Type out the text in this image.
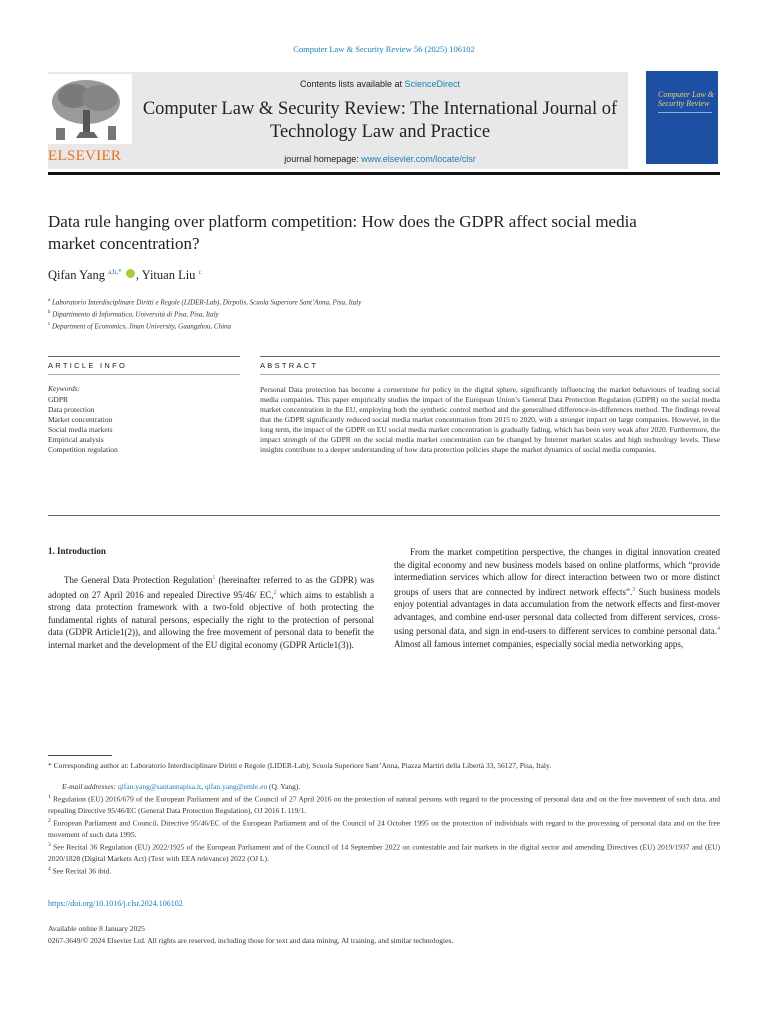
Computer Law & Security Review 56 (2025) 106102
ELSEVIER
Contents lists available at ScienceDirect
Computer Law & Security Review: The International Journal of Technology Law and Practice
journal homepage: www.elsevier.com/locate/clsr
Computer Law & Security Review
Data rule hanging over platform competition: How does the GDPR affect social media market concentration?
Qifan Yang $^{a,b,*}$ , Yituan Liu $^c$
$^a$ Laboratorio Interdisciplinare Diritti e Regole (LIDER-Lab), Dirpolis, Scuola Superiore Sant’Anna, Pisa, Italy
$^b$ Dipartimento di Informatica, Università di Pisa, Pisa, Italy
$^c$ Department of Economics, Jinan University, Guangzhou, China
ARTICLE INFO
Keywords:
GDPR
Data protection
Market concentration
Social media markets
Empirical analysis
Competition regulation
ABSTRACT
Personal Data protection has become a cornerstone for policy in the digital sphere, significantly influencing the market behaviours of leading social media companies. This paper empirically studies the impact of the European Union’s General Data Protection Regulation (GDPR) on the social media market concentration in the EU, employing both the synthetic control method and the generalised difference-in-differences method. The findings reveal that the GDPR significantly reduced social media market concentration from 2015 to 2020, with a stronger impact on large companies. However, in the long term, the impact of the GDPR on EU social media market concentration is gradually fading, which has been very weak after 2020. Furthermore, the impact strength of the GDPR on the social media market concentration can be changed by Internet market scales and high technology levels. These insights contribute to a deeper understanding of how data protection policies shape the market dynamics of social media companies.
1. Introduction
The General Data Protection Regulation$^1$ (hereinafter referred to as the GDPR) was adopted on 27 April 2016 and repealed Directive 95/46/ EC,$^2$ which aims to establish a strong data protection framework with a two-fold objective of both protecting the fundamental rights of natural persons, especially the right to the protection of personal data (GDPR Article1(2)), and allowing the free movement of personal data to benefit the internal market and the development of the EU digital economy (GDPR Article1(3)).
From the market competition perspective, the changes in digital innovation created the digital economy and new business models based on online platforms, which “provide intermediation services which allow for direct interaction between two or more distinct groups of users that are connected by indirect network effects”.$^3$ Such business models enjoy potential advantages in data accumulation from the network effects and first-mover advantages, and combine end-user personal data collected from different services, cross-using personal data, and sign in end-users to different services to combine personal data.$^4$ Almost all famous internet companies, especially social media networking apps,
* Corresponding author at: Laboratorio Interdisciplinare Diritti e Regole (LIDER-Lab), Scuola Superiore Sant’Anna, Piazza Martiri della Libertà 33, 56127, Pisa, Italy.
E-mail addresses: qifan.yang@santannapisa.it, qifan.yang@emle.eu (Q. Yang).
$^1$ Regulation (EU) 2016/679 of the European Parliament and of the Council of 27 April 2016 on the protection of natural persons with regard to the processing of personal data and on the free movement of such data, and repealing Directive 95/46/EC (General Data Protection Regulation), OJ 2016 L 119/1.
$^2$ European Parliament and Council, Directive 95/46/EC of the European Parliament and of the Council of 24 October 1995 on the protection of individuals with regard to the processing of personal data and on the free movement of such data 1995.
$^3$ See Recital 36 Regulation (EU) 2022/1925 of the European Parliament and of the Council of 14 September 2022 on contestable and fair markets in the digital sector and amending Directives (EU) 2019/1937 and (EU) 2020/1828 (Digital Markets Act) (Text with EEA relevance) 2022 (OJ L).
$^4$ See Recital 36 ibid.
https://doi.org/10.1016/j.clsr.2024.106102
Available online 8 January 2025
0267-3649/© 2024 Elsevier Ltd. All rights are reserved, including those for text and data mining, AI training, and similar technologies.
